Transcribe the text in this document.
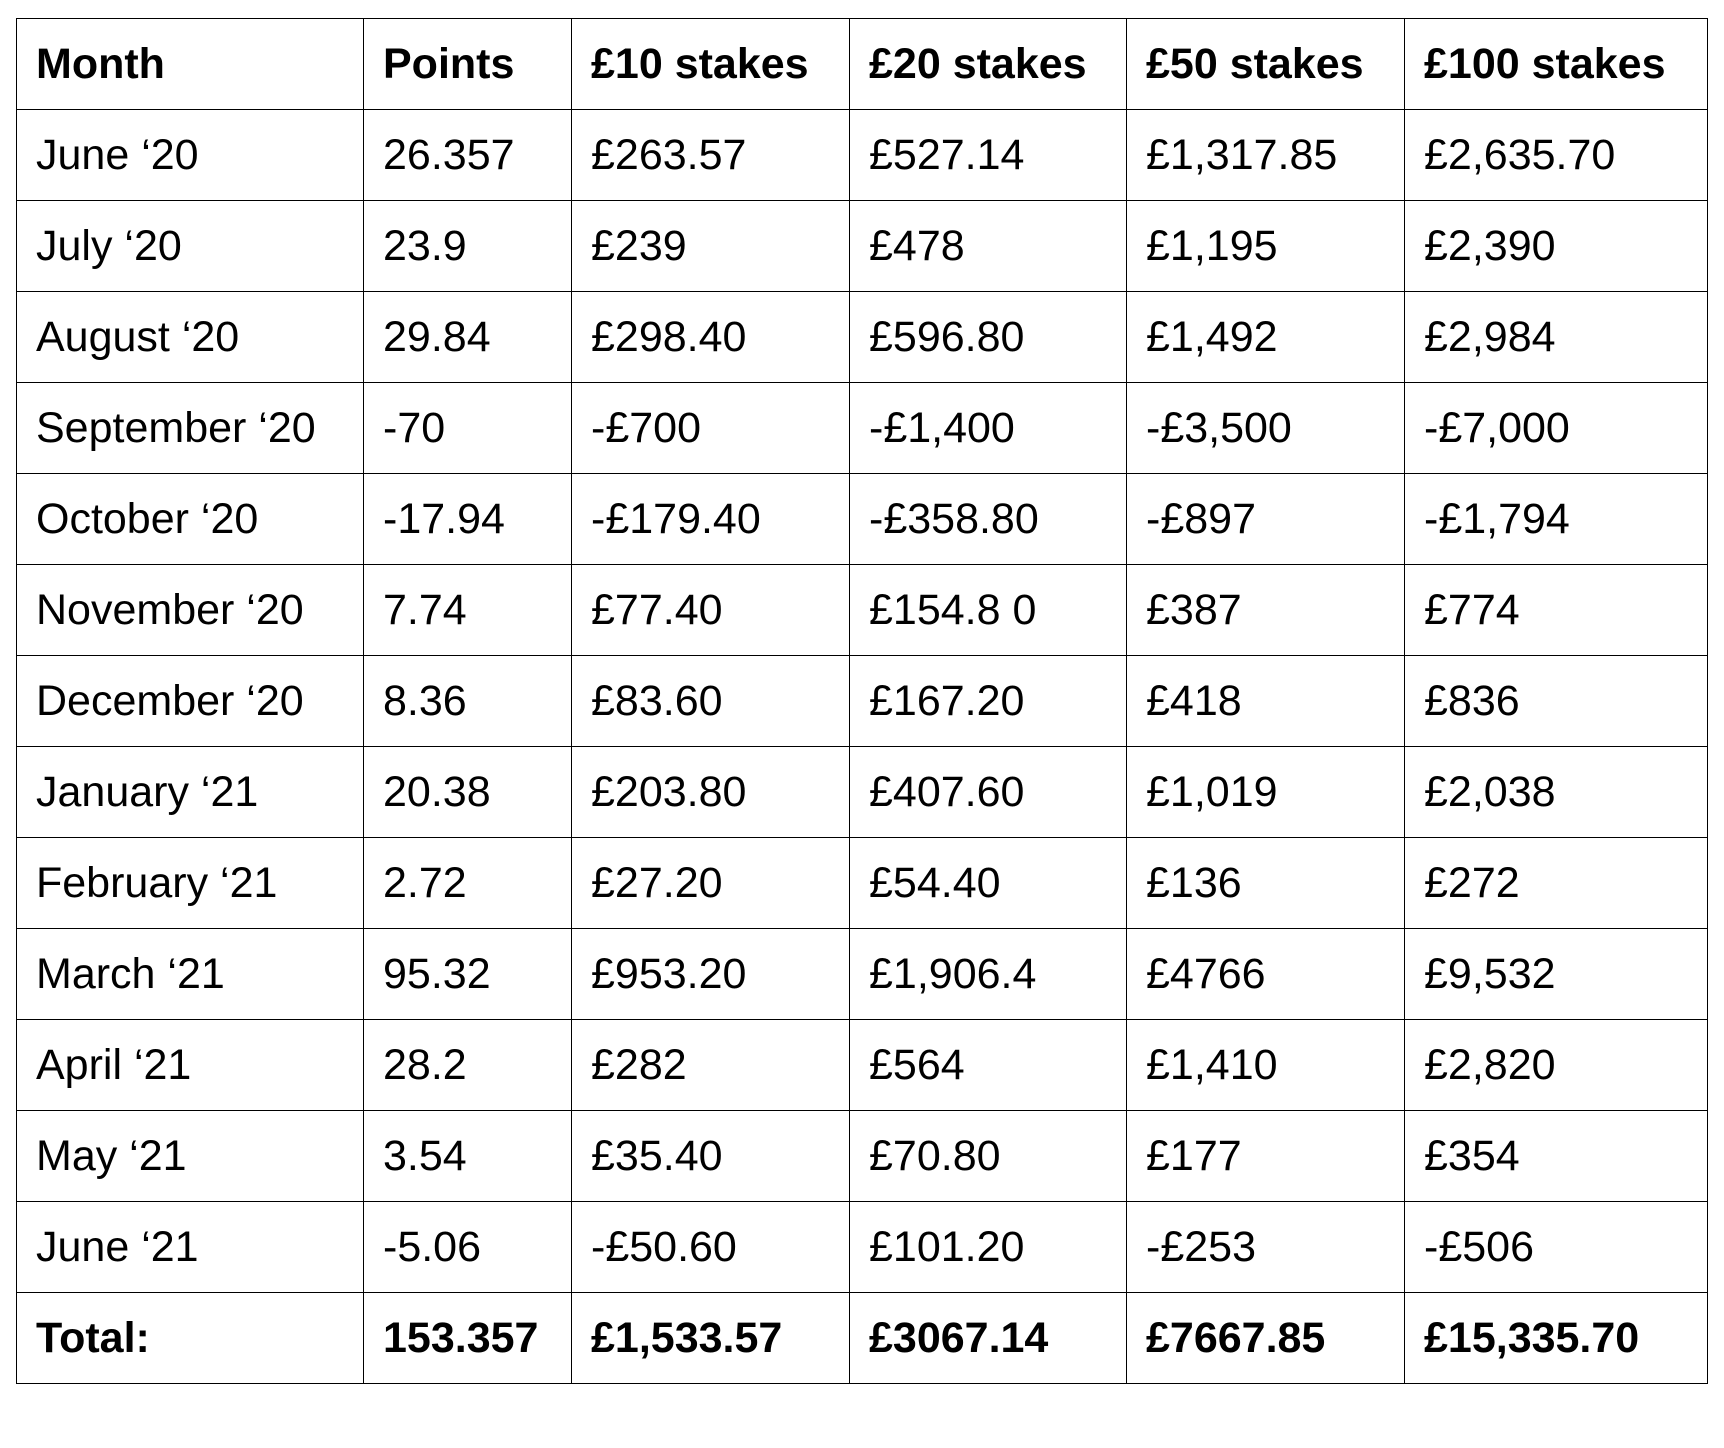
Month	Points	£10 stakes	£20 stakes	£50 stakes	£100 stakes
June ‘20	26.357	£263.57	£527.14	£1,317.85	£2,635.70
July ‘20	23.9	£239	£478	£1,195	£2,390
August ‘20	29.84	£298.40	£596.80	£1,492	£2,984
September ‘20	-70	-£700	-£1,400	-£3,500	-£7,000
October ‘20	-17.94	-£179.40	-£358.80	-£897	-£1,794
November ‘20	7.74	£77.40	£154.8 0	£387	£774
December ‘20	8.36	£83.60	£167.20	£418	£836
January ‘21	20.38	£203.80	£407.60	£1,019	£2,038
February ‘21	2.72	£27.20	£54.40	£136	£272
March ‘21	95.32	£953.20	£1,906.4	£4766	£9,532
April ‘21	28.2	£282	£564	£1,410	£2,820
May ‘21	3.54	£35.40	£70.80	£177	£354
June ‘21	-5.06	-£50.60	£101.20	-£253	-£506
Total:	153.357	£1,533.57	£3067.14	£7667.85	£15,335.70
